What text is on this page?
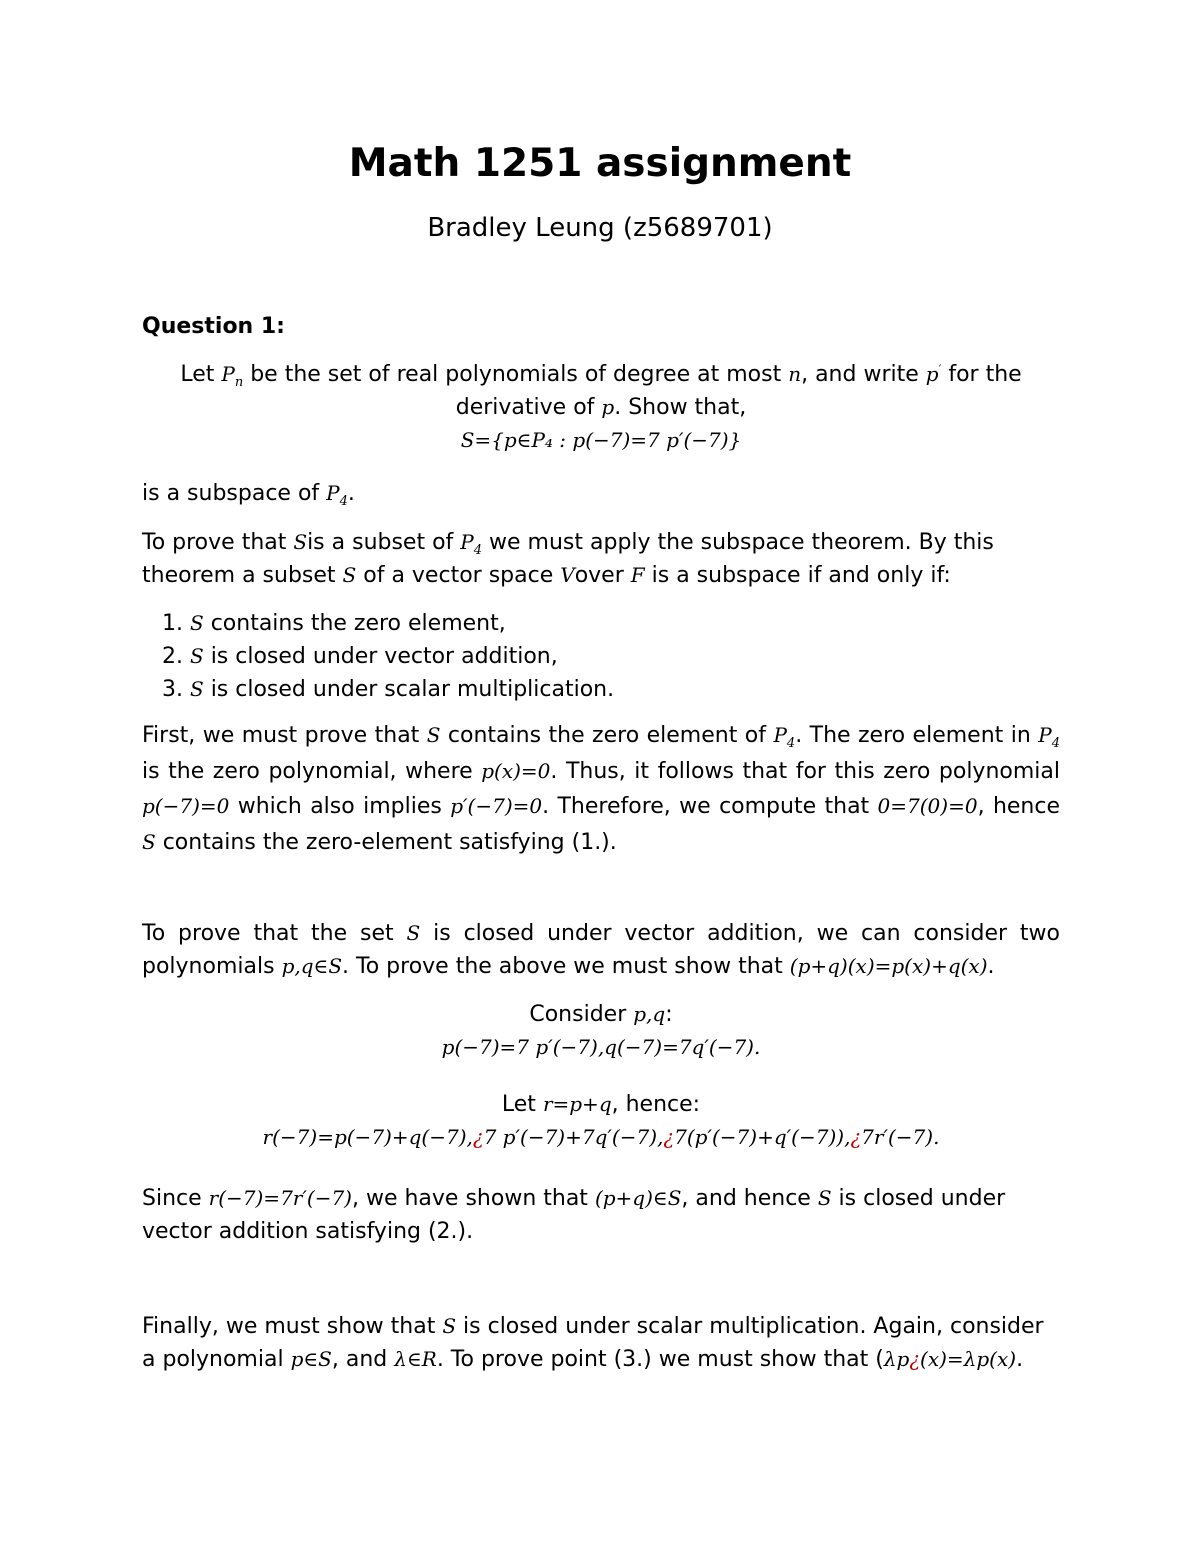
Math 1251 assignment
Bradley Leung (z5689701)
Question 1:
Let $P_n$ be the set of real polynomials of degree at most n, and write p′ for the
derivative of p. Show that,
S={p∈P₄ : p(−7)=7 p′(−7)}
is a subspace of $P_4$.
To prove that Sis a subset of $P_4$ we must apply the subspace theorem. By this theorem a subset S of a vector space Vover F is a subspace if and only if:
1. S contains the zero element,
2. S is closed under vector addition,
3. S is closed under scalar multiplication.
First, we must prove that S contains the zero element of $P_4$. The zero element in $P_4$ is the zero polynomial, where p(x)=0. Thus, it follows that for this zero polynomial p(−7)=0 which also implies p′(−7)=0. Therefore, we compute that 0=7(0)=0, hence S contains the zero-element satisfying (1.).
To prove that the set S is closed under vector addition, we can consider two polynomials p,q∈S. To prove the above we must show that (p+q)(x)=p(x)+q(x).
Consider p,q:
p(−7)=7 p′(−7),q(−7)=7q′(−7).
Let r=p+q, hence:
r(−7)=p(−7)+q(−7),¿7 p′(−7)+7q′(−7),¿7(p′(−7)+q′(−7)),¿7r′(−7).
Since r(−7)=7r′(−7), we have shown that (p+q)∈S, and hence S is closed under vector addition satisfying (2.).
Finally, we must show that S is closed under scalar multiplication. Again, consider a polynomial p∈S, and λ∈R. To prove point (3.) we must show that (λp¿(x)=λp(x).
